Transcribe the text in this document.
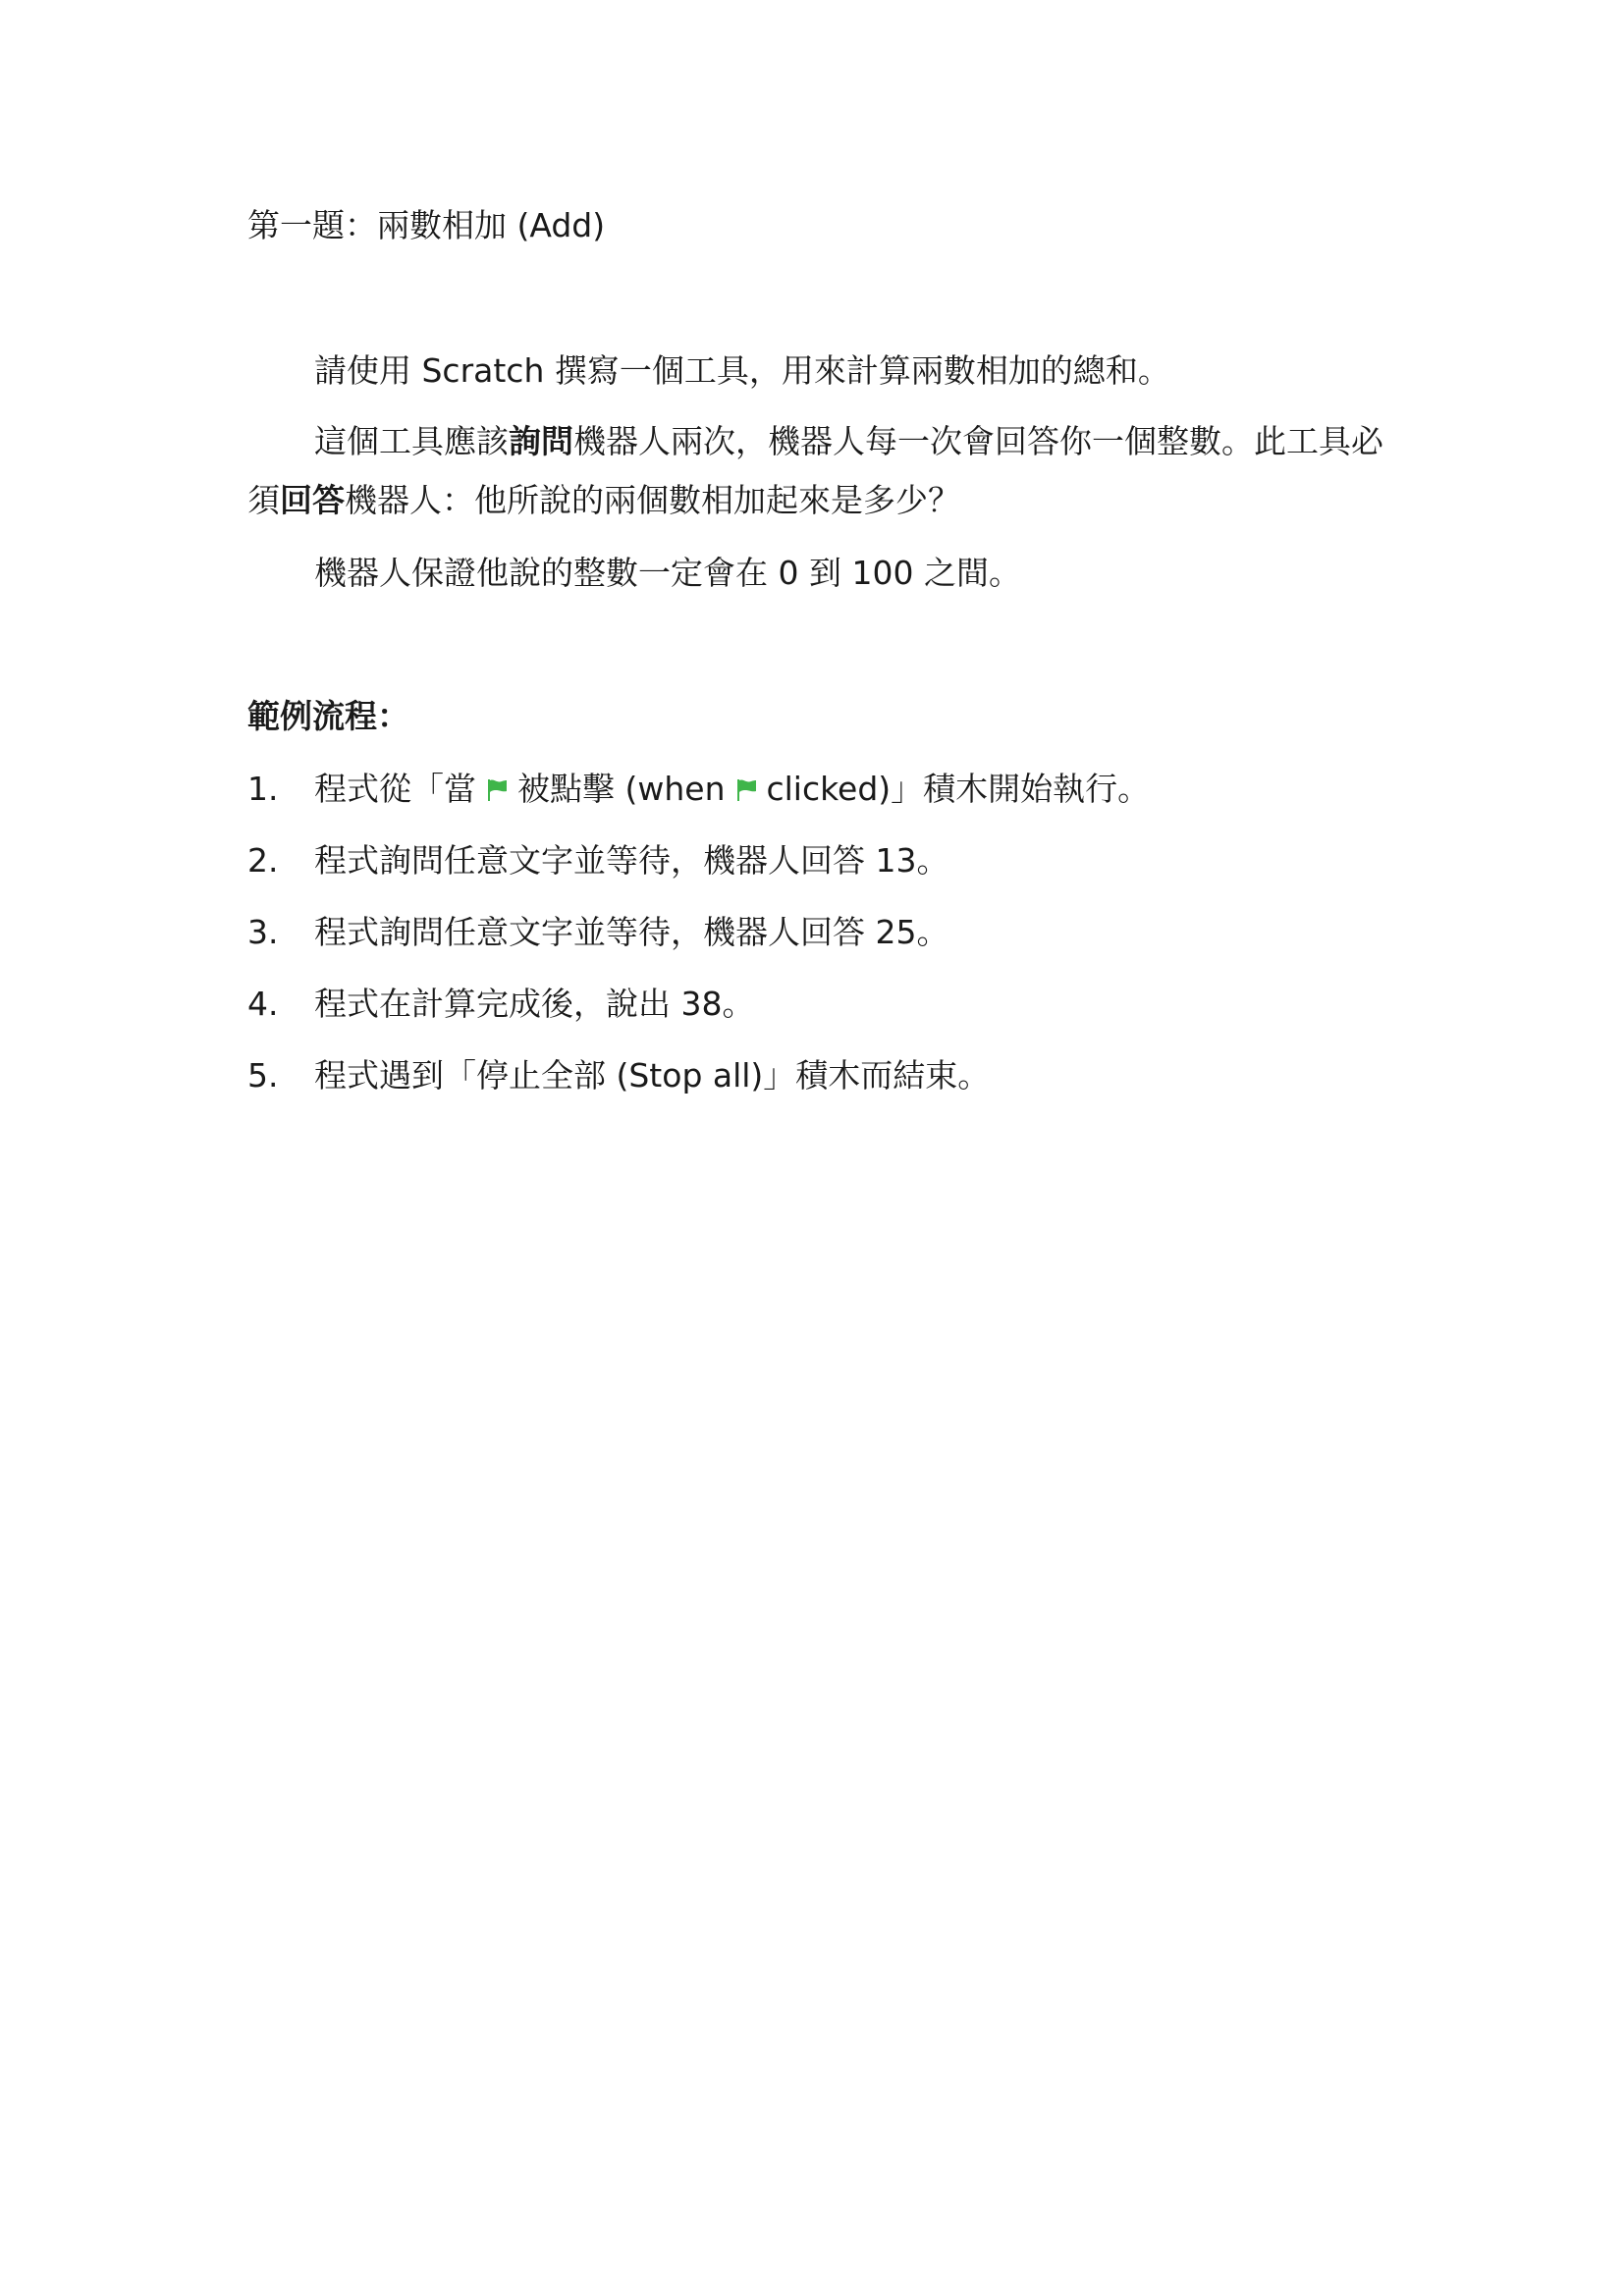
第一題：兩數相加 (Add)
請使用 Scratch 撰寫一個工具，用來計算兩數相加的總和。
這個工具應該詢問機器人兩次，機器人每一次會回答你一個整數。此工具必
須回答機器人：他所說的兩個數相加起來是多少？
機器人保證他說的整數一定會在 0 到 100 之間。
範例流程：
1. 程式從「當 被點擊 (when clicked)」積木開始執行。
2. 程式詢問任意文字並等待，機器人回答 13。
3. 程式詢問任意文字並等待，機器人回答 25。
4. 程式在計算完成後，說出 38。
5. 程式遇到「停止全部 (Stop all)」積木而結束。
